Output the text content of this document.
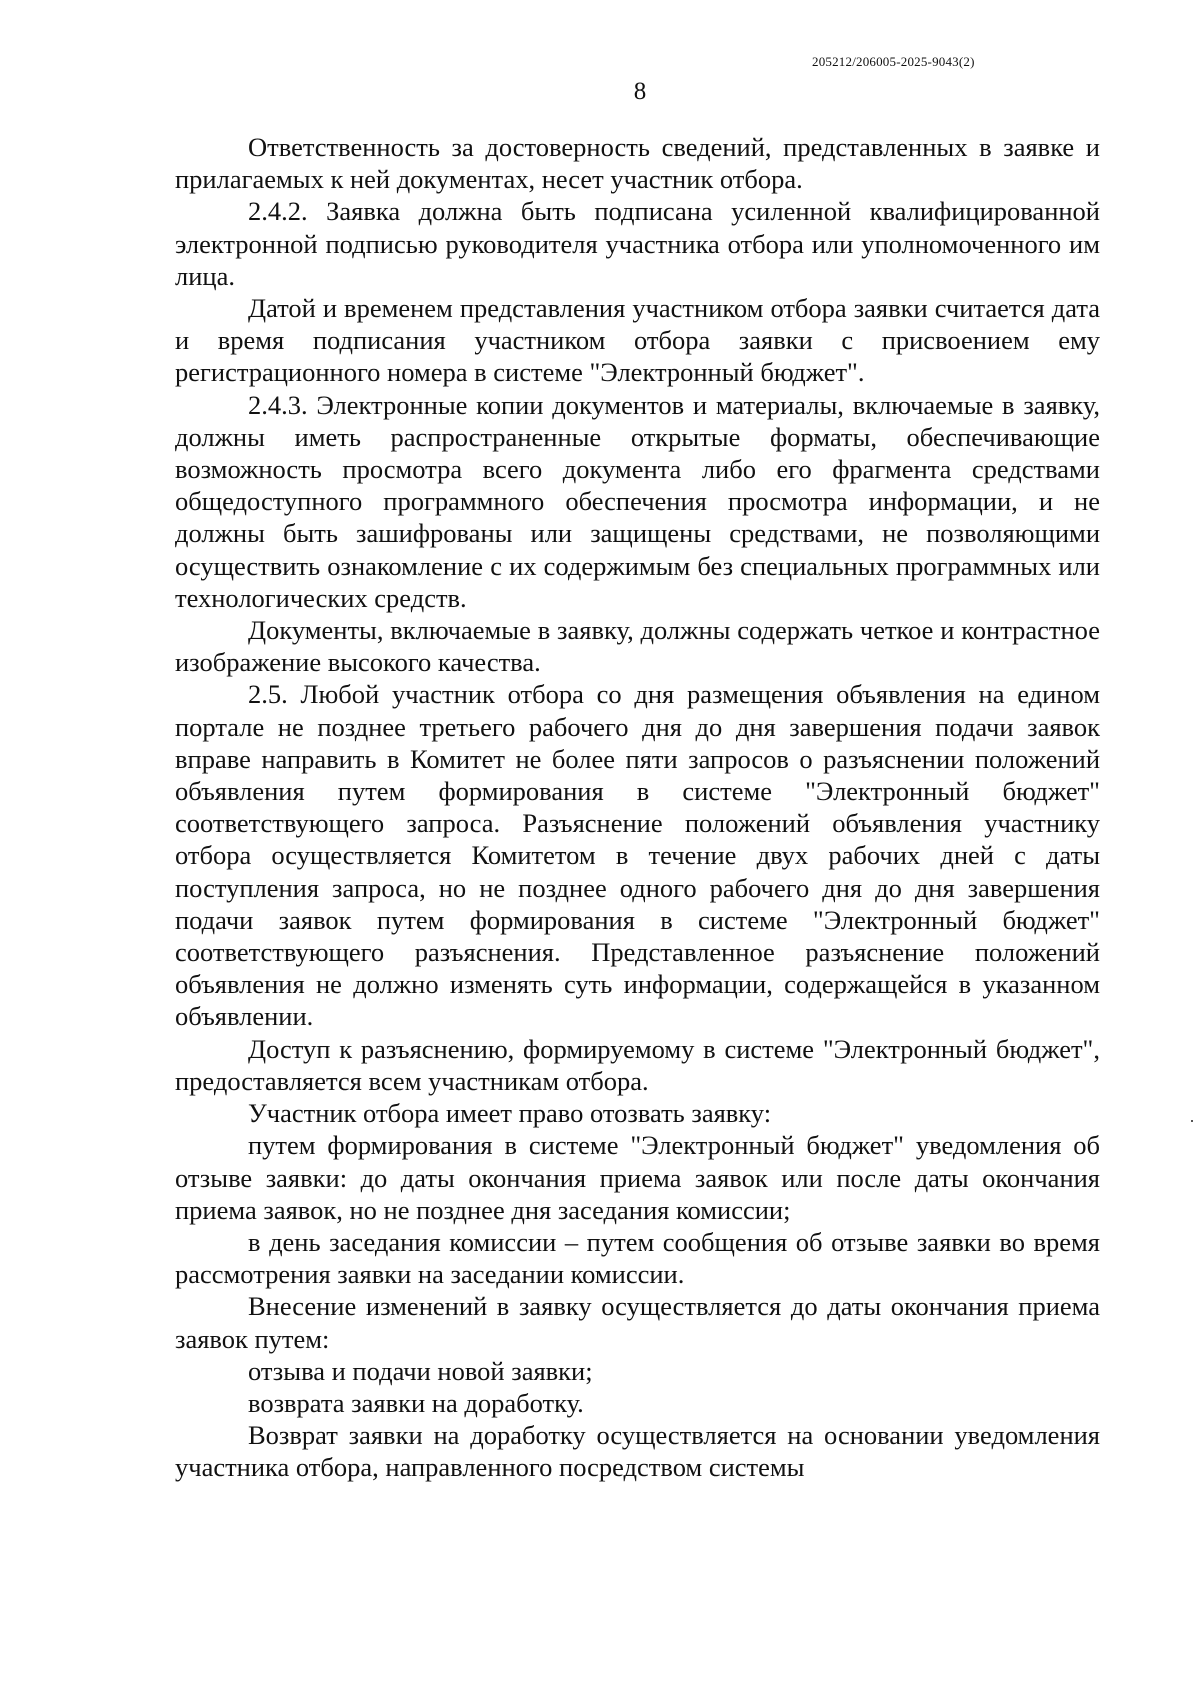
205212/206005-2025-9043(2)
8

Ответственность за достоверность сведений, представленных в заявке и прилагаемых к ней документах, несет участник отбора.

2.4.2. Заявка должна быть подписана усиленной квалифицированной электронной подписью руководителя участника отбора или уполномоченного им лица.

Датой и временем представления участником отбора заявки считается дата и время подписания участником отбора заявки с присвоением ему регистрационного номера в системе "Электронный бюджет".

2.4.3. Электронные копии документов и материалы, включаемые в заявку, должны иметь распространенные открытые форматы, обеспечивающие возможность просмотра всего документа либо его фрагмента средствами общедоступного программного обеспечения просмотра информации, и не должны быть зашифрованы или защищены средствами, не позволяющими осуществить ознакомление с их содержимым без специальных программных или технологических средств.

Документы, включаемые в заявку, должны содержать четкое и контрастное изображение высокого качества.

2.5. Любой участник отбора со дня размещения объявления на едином портале не позднее третьего рабочего дня до дня завершения подачи заявок вправе направить в Комитет не более пяти запросов о разъяснении положений объявления путем формирования в системе "Электронный бюджет" соответствующего запроса. Разъяснение положений объявления участнику отбора осуществляется Комитетом в течение двух рабочих дней с даты поступления запроса, но не позднее одного рабочего дня до дня завершения подачи заявок путем формирования в системе "Электронный бюджет" соответствующего разъяснения. Представленное разъяснение положений объявления не должно изменять суть информации, содержащейся в указанном объявлении.

Доступ к разъяснению, формируемому в системе "Электронный бюджет", предоставляется всем участникам отбора.

Участник отбора имеет право отозвать заявку:

путем формирования в системе "Электронный бюджет" уведомления об отзыве заявки: до даты окончания приема заявок или после даты окончания приема заявок, но не позднее дня заседания комиссии;

в день заседания комиссии – путем сообщения об отзыве заявки во время рассмотрения заявки на заседании комиссии.

Внесение изменений в заявку осуществляется до даты окончания приема заявок путем:

отзыва и подачи новой заявки;

возврата заявки на доработку.

Возврат заявки на доработку осуществляется на основании уведомления участника отбора, направленного посредством системы
